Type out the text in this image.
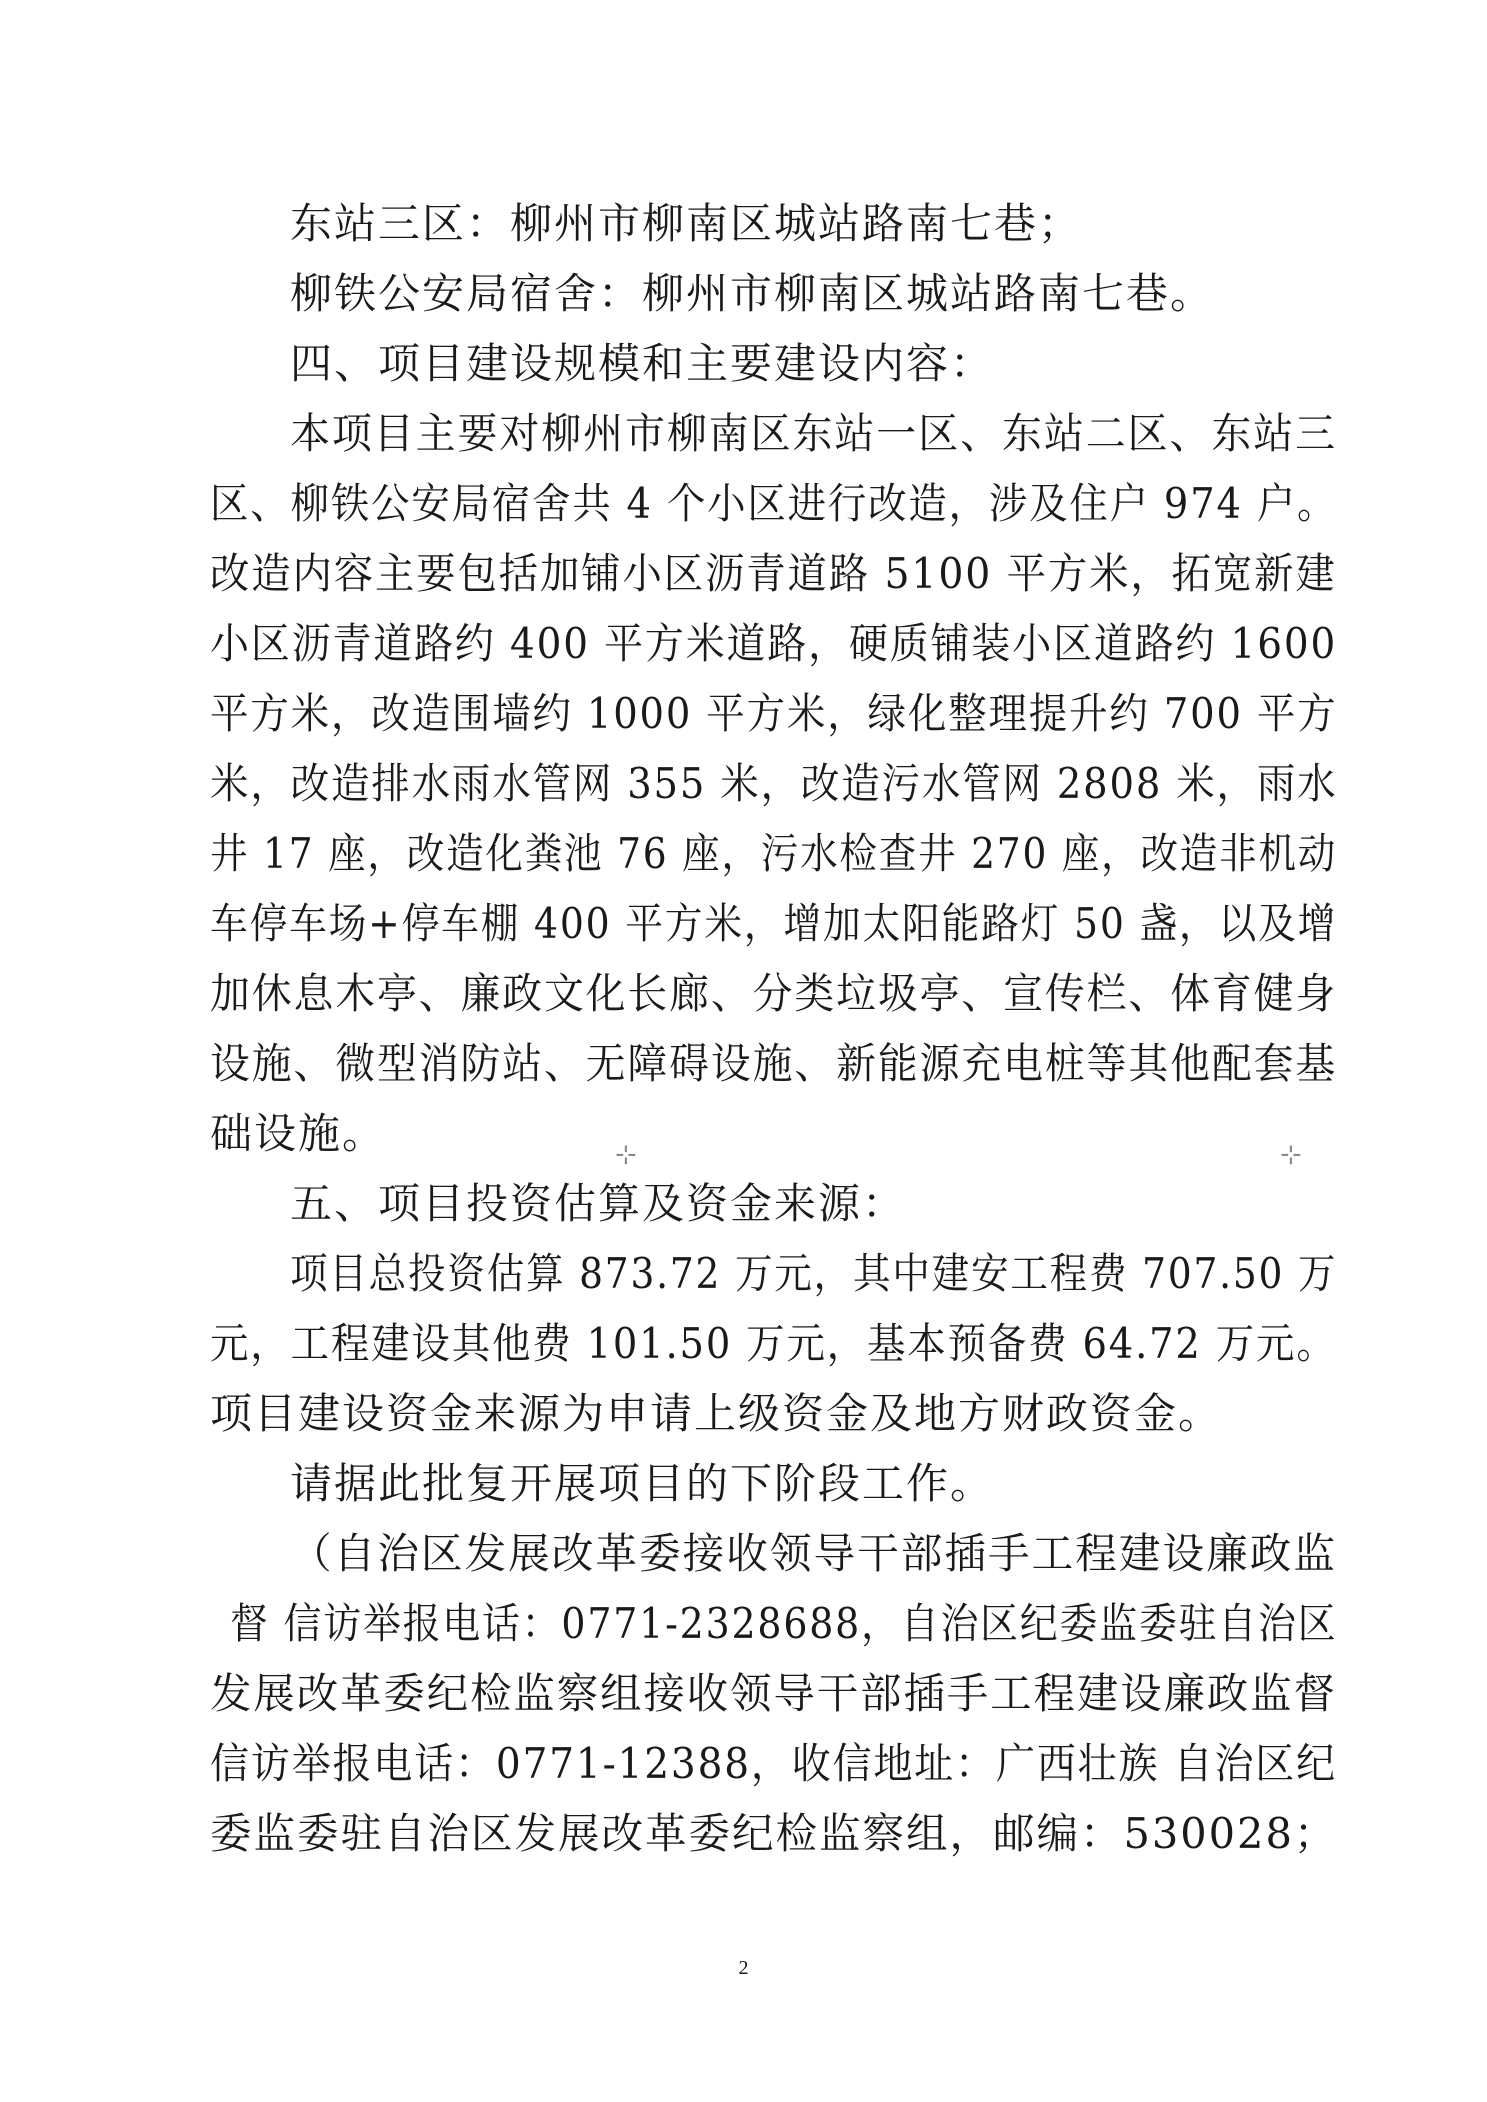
东站三区：柳州市柳南区城站路南七巷；
柳铁公安局宿舍：柳州市柳南区城站路南七巷。
四、项目建设规模和主要建设内容：
本项目主要对柳州市柳南区东站一区、东站二区、东站三
区、柳铁公安局宿舍共 4 个小区进行改造，涉及住户 974 户。
改造内容主要包括加铺小区沥青道路 5100 平方米，拓宽新建
小区沥青道路约 400 平方米道路，硬质铺装小区道路约 1600
平方米，改造围墙约 1000 平方米，绿化整理提升约 700 平方
米，改造排水雨水管网 355 米，改造污水管网 2808 米，雨水
井 17 座，改造化粪池 76 座，污水检查井 270 座，改造非机动
车停车场+停车棚 400 平方米，增加太阳能路灯 50 盏，以及增
加休息木亭、廉政文化长廊、分类垃圾亭、宣传栏、体育健身
设施、微型消防站、无障碍设施、新能源充电桩等其他配套基
础设施。	⊹	⊹
五、项目投资估算及资金来源：
项目总投资估算 873.72 万元，其中建安工程费 707.50 万
元，工程建设其他费 101.50 万元，基本预备费 64.72 万元。
项目建设资金来源为申请上级资金及地方财政资金。
请据此批复开展项目的下阶段工作。
（自治区发展改革委接收领导干部插手工程建设廉政监
督 信访举报电话：0771-2328688，自治区纪委监委驻自治区
发展改革委纪检监察组接收领导干部插手工程建设廉政监督
信访举报电话：0771-12388，收信地址：广西壮族 自治区纪
委监委驻自治区发展改革委纪检监察组，邮编：530028；
2
